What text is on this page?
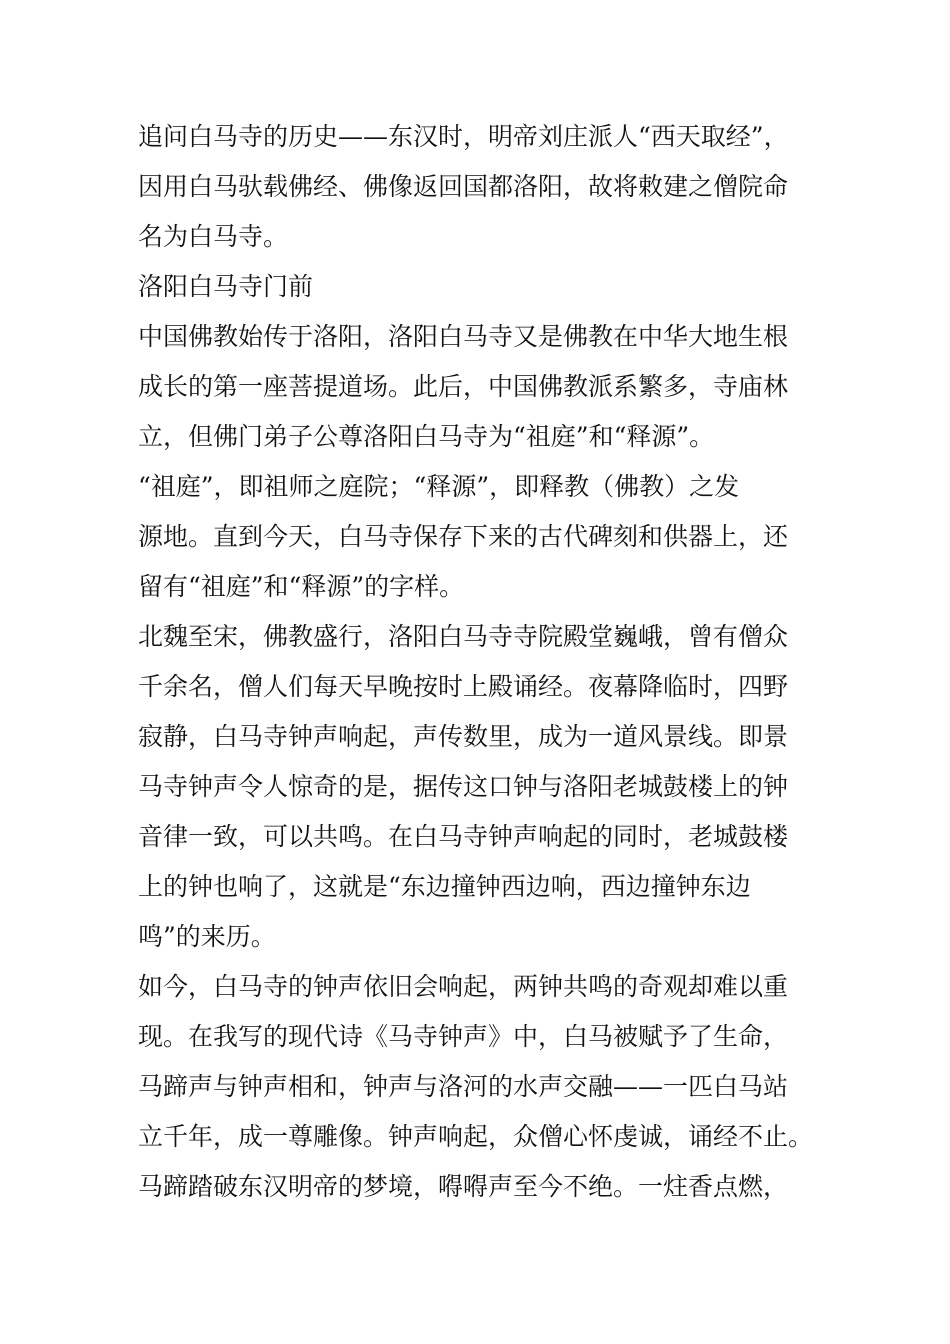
追问白马寺的历史——东汉时，明帝刘庄派人“西天取经”，
因用白马驮载佛经、佛像返回国都洛阳，故将敕建之僧院命
名为白马寺。
洛阳白马寺门前
中国佛教始传于洛阳，洛阳白马寺又是佛教在中华大地生根
成长的第一座菩提道场。此后，中国佛教派系繁多，寺庙林
立，但佛门弟子公尊洛阳白马寺为“祖庭”和“释源”。
“祖庭”，即祖师之庭院；“释源”，即释教（佛教）之发
源地。直到今天，白马寺保存下来的古代碑刻和供器上，还
留有“祖庭”和“释源”的字样。
北魏至宋，佛教盛行，洛阳白马寺寺院殿堂巍峨，曾有僧众
千余名，僧人们每天早晚按时上殿诵经。夜幕降临时，四野
寂静，白马寺钟声响起，声传数里，成为一道风景线。即景
马寺钟声令人惊奇的是，据传这口钟与洛阳老城鼓楼上的钟
音律一致，可以共鸣。在白马寺钟声响起的同时，老城鼓楼
上的钟也响了，这就是“东边撞钟西边响，西边撞钟东边
鸣”的来历。
如今，白马寺的钟声依旧会响起，两钟共鸣的奇观却难以重
现。在我写的现代诗《马寺钟声》中，白马被赋予了生命，
马蹄声与钟声相和，钟声与洛河的水声交融——一匹白马站
立千年，成一尊雕像。钟声响起，众僧心怀虔诚，诵经不止。
马蹄踏破东汉明帝的梦境，嘚嘚声至今不绝。一炷香点燃，
